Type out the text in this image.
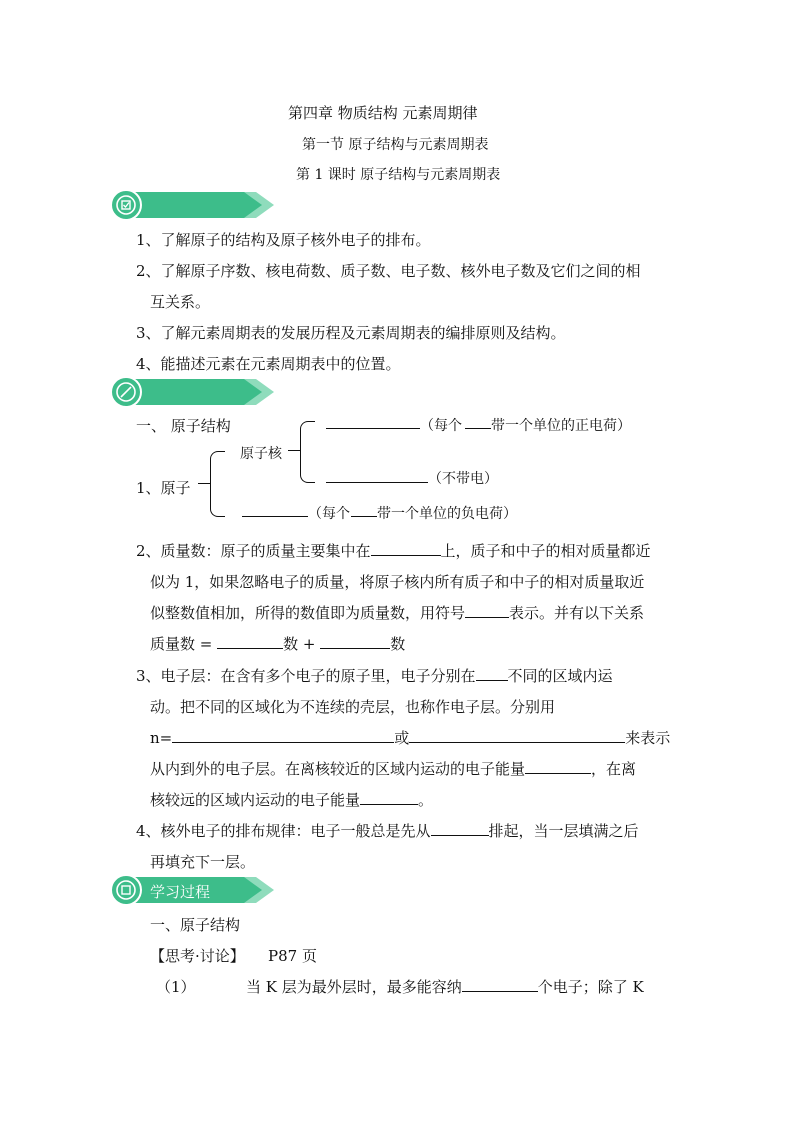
第四章 物质结构 元素周期律
第一节 原子结构与元素周期表
第 1 课时 原子结构与元素周期表
1、了解原子的结构及原子核外电子的排布。
2、了解原子序数、核电荷数、质子数、电子数、核外电子数及它们之间的相
互关系。
3、了解元素周期表的发展历程及元素周期表的编排原则及结构。
4、能描述元素在元素周期表中的位置。
一、 原子结构	（每个 带一个单位的正电荷）
原子核
（不带电）
1、原子
（每个 带一个单位的负电荷）
2、质量数：原子的质量主要集中在	上，质子和中子的相对质量都近
似为 1，如果忽略电子的质量，将原子核内所有质子和中子的相对质量取近
似整数值相加，所得的数值即为质量数，用符号	表示。并有以下关系
质量数 =	数 +	数
3、电子层：在含有多个电子的原子里，电子分别在 不同的区域内运
动。把不同的区域化为不连续的壳层，也称作电子层。分别用
n=	或	来表示
从内到外的电子层。在离核较近的区域内运动的电子能量	，在离
核较远的区域内运动的电子能量	。
4、核外电子的排布规律：电子一般总是先从	排起，当一层填满之后
再填充下一层。
学习过程
一、原子结构
【思考·讨论】 P87 页
（1）	当 K 层为最外层时，最多能容纳	个电子；除了 K
